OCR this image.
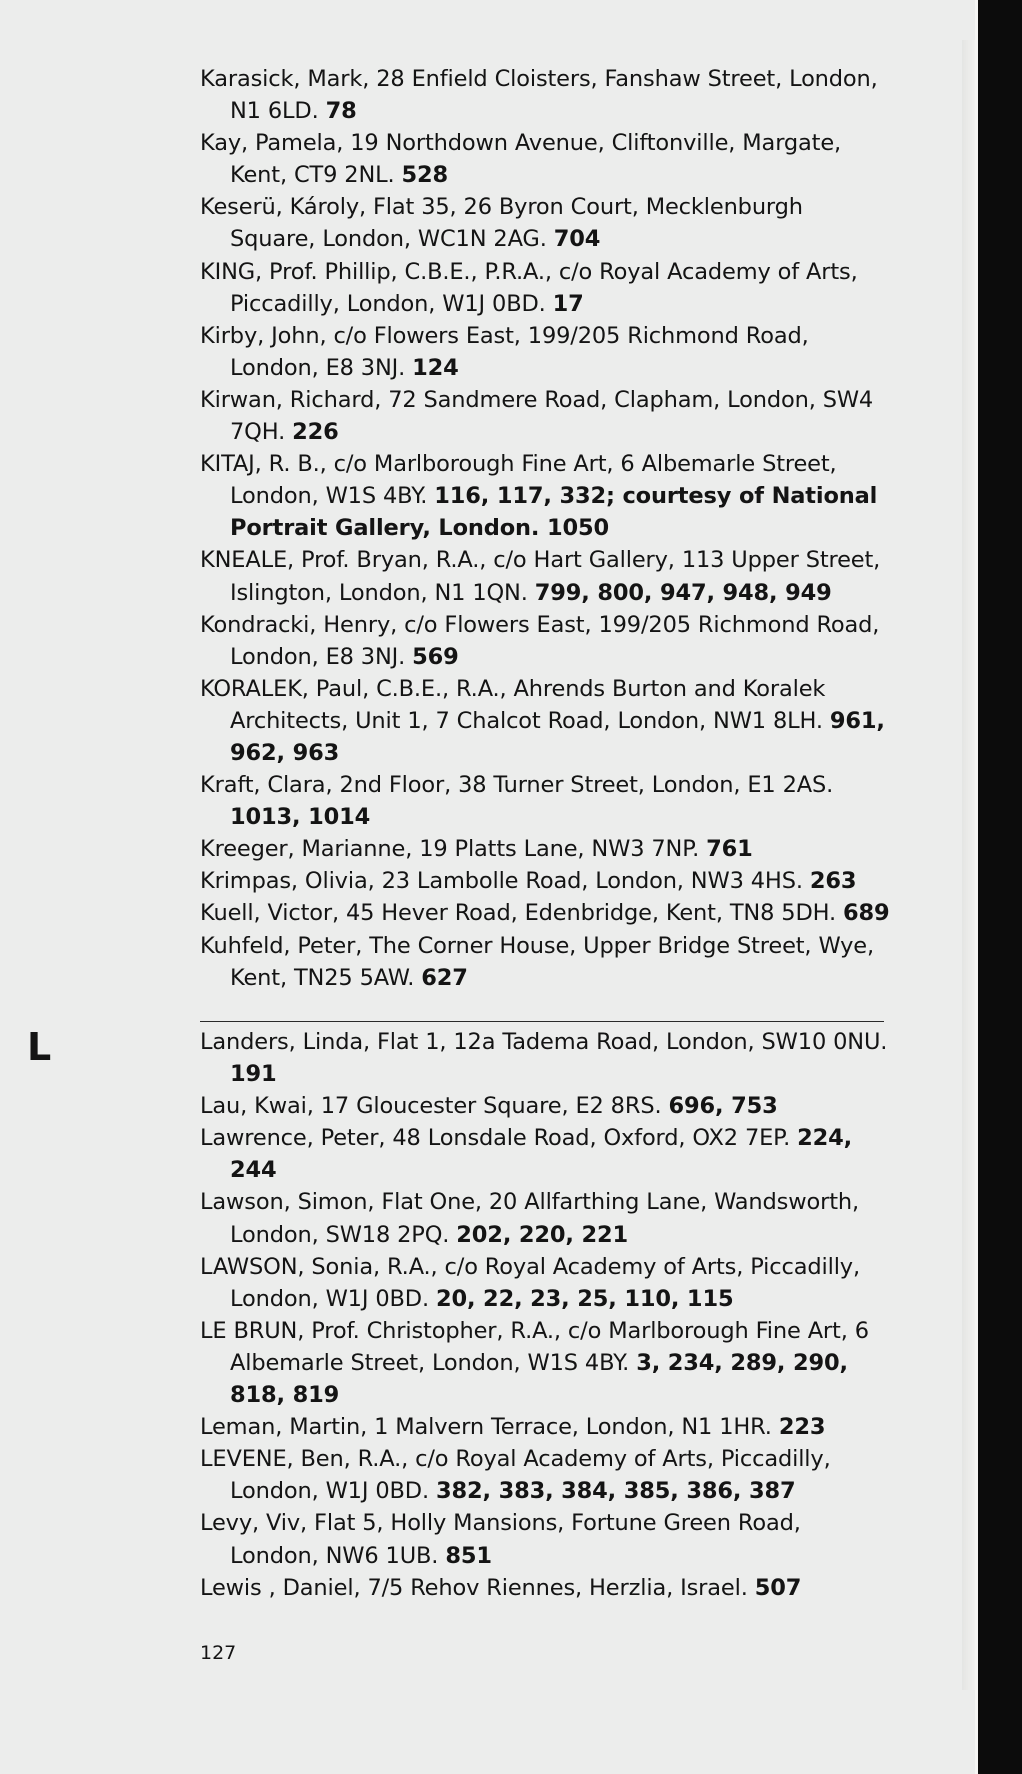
Karasick, Mark, 28 Enfield Cloisters, Fanshaw Street, London, N1 6LD. 78
Kay, Pamela, 19 Northdown Avenue, Cliftonville, Margate, Kent, CT9 2NL. 528
Keserü, Károly, Flat 35, 26 Byron Court, Mecklenburgh Square, London, WC1N 2AG. 704
KING, Prof. Phillip, C.B.E., P.R.A., c/o Royal Academy of Arts, Piccadilly, London, W1J 0BD. 17
Kirby, John, c/o Flowers East, 199/205 Richmond Road, London, E8 3NJ. 124
Kirwan, Richard, 72 Sandmere Road, Clapham, London, SW4 7QH. 226
KITAJ, R. B., c/o Marlborough Fine Art, 6 Albemarle Street, London, W1S 4BY. 116, 117, 332; courtesy of National Portrait Gallery, London. 1050
KNEALE, Prof. Bryan, R.A., c/o Hart Gallery, 113 Upper Street, Islington, London, N1 1QN. 799, 800, 947, 948, 949
Kondracki, Henry, c/o Flowers East, 199/205 Richmond Road, London, E8 3NJ. 569
KORALEK, Paul, C.B.E., R.A., Ahrends Burton and Koralek Architects, Unit 1, 7 Chalcot Road, London, NW1 8LH. 961, 962, 963
Kraft, Clara, 2nd Floor, 38 Turner Street, London, E1 2AS. 1013, 1014
Kreeger, Marianne, 19 Platts Lane, NW3 7NP. 761
Krimpas, Olivia, 23 Lambolle Road, London, NW3 4HS. 263
Kuell, Victor, 45 Hever Road, Edenbridge, Kent, TN8 5DH. 689
Kuhfeld, Peter, The Corner House, Upper Bridge Street, Wye, Kent, TN25 5AW. 627
L	Landers, Linda, Flat 1, 12a Tadema Road, London, SW10 0NU. 191
Lau, Kwai, 17 Gloucester Square, E2 8RS. 696, 753
Lawrence, Peter, 48 Lonsdale Road, Oxford, OX2 7EP. 224, 244
Lawson, Simon, Flat One, 20 Allfarthing Lane, Wandsworth, London, SW18 2PQ. 202, 220, 221
LAWSON, Sonia, R.A., c/o Royal Academy of Arts, Piccadilly, London, W1J 0BD. 20, 22, 23, 25, 110, 115
LE BRUN, Prof. Christopher, R.A., c/o Marlborough Fine Art, 6 Albemarle Street, London, W1S 4BY. 3, 234, 289, 290, 818, 819
Leman, Martin, 1 Malvern Terrace, London, N1 1HR. 223
LEVENE, Ben, R.A., c/o Royal Academy of Arts, Piccadilly, London, W1J 0BD. 382, 383, 384, 385, 386, 387
Levy, Viv, Flat 5, Holly Mansions, Fortune Green Road, London, NW6 1UB. 851
Lewis , Daniel, 7/5 Rehov Riennes, Herzlia, Israel. 507
127
